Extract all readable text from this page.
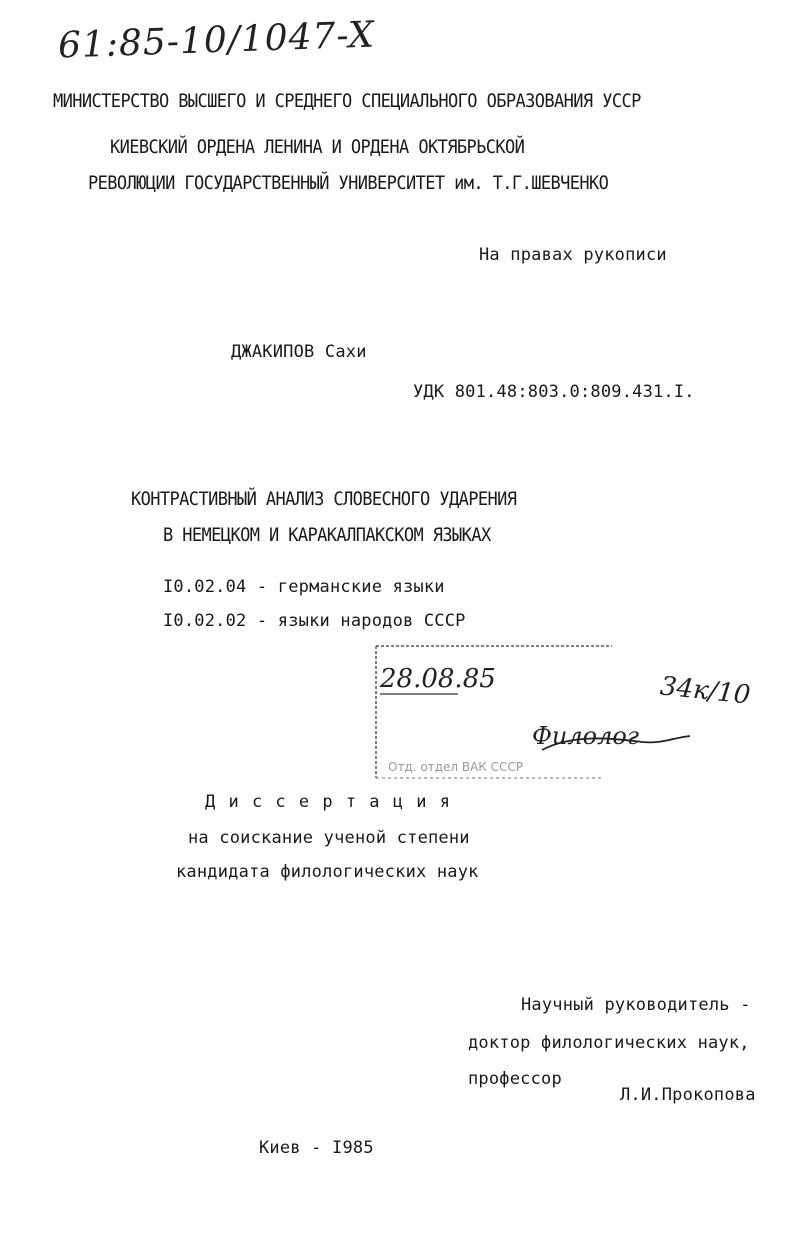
61:85-10/1047-X
МИНИСТЕРСТВО ВЫСШЕГО И СРЕДНЕГО СПЕЦИАЛЬНОГО ОБРАЗОВАНИЯ УССР
КИЕВСКИЙ ОРДЕНА ЛЕНИНА И ОРДЕНА ОКТЯБРЬСКОЙ
РЕВОЛЮЦИИ ГОСУДАРСТВЕННЫЙ УНИВЕРСИТЕТ им. Т.Г.ШЕВЧЕНКО
На правах рукописи
ДЖАКИПОВ Сахи
УДК 801.48:803.0:809.431.I.
КОНТРАСТИВНЫЙ АНАЛИЗ СЛОВЕСНОГО УДАРЕНИЯ
В НЕМЕЦКОМ И КАРАКАЛПАКСКОМ ЯЗЫКАХ
I0.02.04 - германские языки
I0.02.02 - языки народов СССР
Отд. отдел ВАК СССР
28.08.85	34к/10
Филолог
Д и с с е р т а ц и я
на соискание ученой степени
кандидата филологических наук
Научный руководитель -
доктор филологических наук,
профессор
Л.И.Прокопова
Киев - I985
